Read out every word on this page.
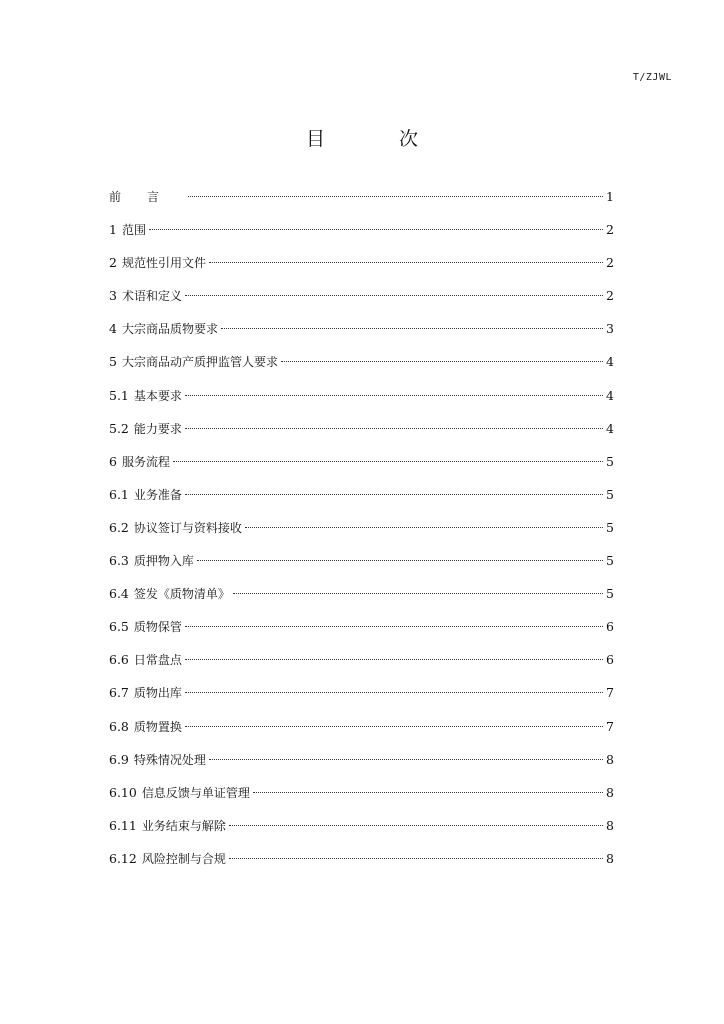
T/ZJWL
目 次
前言	1
1 范围	2
2 规范性引用文件	2
3 术语和定义	2
4 大宗商品质物要求	3
5 大宗商品动产质押监管人要求	4
5.1 基本要求	4
5.2 能力要求	4
6 服务流程	5
6.1 业务准备	5
6.2 协议签订与资料接收	5
6.3 质押物入库	5
6.4 签发《质物清单》	5
6.5 质物保管	6
6.6 日常盘点	6
6.7 质物出库	7
6.8 质物置换	7
6.9 特殊情况处理	8
6.10 信息反馈与单证管理	8
6.11 业务结束与解除	8
6.12 风险控制与合规	8
